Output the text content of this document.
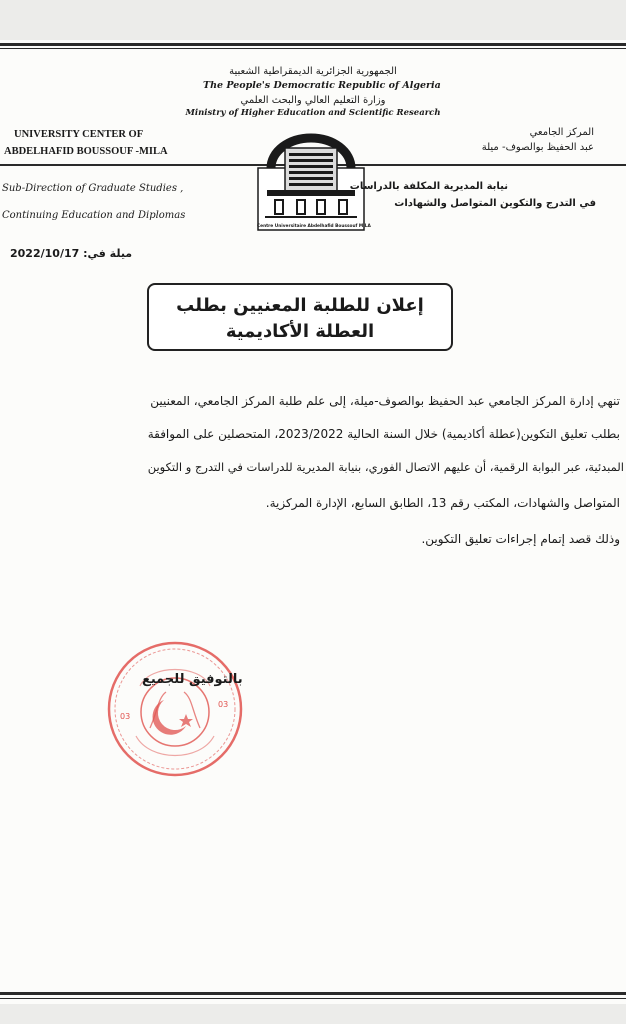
الجمهورية الجزائرية الديمقراطية الشعبية
The People's Democratic Republic of Algeria
وزارة التعليم العالي والبحث العلمي
Ministry of Higher Education and Scientific Research
UNIVERSITY CENTER OF
ABDELHAFID BOUSSOUF -MILA
المركز الجامعي
عبد الحفيظ بوالصوف- ميلة
Centre Universitaire Abdelhafid Boussouf MILA
Sub-Direction of Graduate Studies ,
Continuing Education and Diplomas
نيابة المديرية المكلفة بالدراسات
في التدرج والتكوين المتواصل والشهادات
ميلة في: 2022/10/17
إعلان للطلبة المعنيين بطلب
العطلة الأكاديمية
تنهي إدارة المركز الجامعي عبد الحفيظ بوالصوف-ميلة، إلى علم طلبة المركز الجامعي، المعنيين
بطلب تعليق التكوين(عطلة أكاديمية) خلال السنة الحالية 2023/2022، المتحصلين على الموافقة
المبدئية، عبر البوابة الرقمية، أن عليهم الاتصال الفوري، بنيابة المديرية للدراسات في التدرج و التكوين
المتواصل والشهادات، المكتب رقم 13، الطابق السابع، الإدارة المركزية.
وذلك قصد إتمام إجراءات تعليق التكوين.
03
03
بالتوفيق للجميع
